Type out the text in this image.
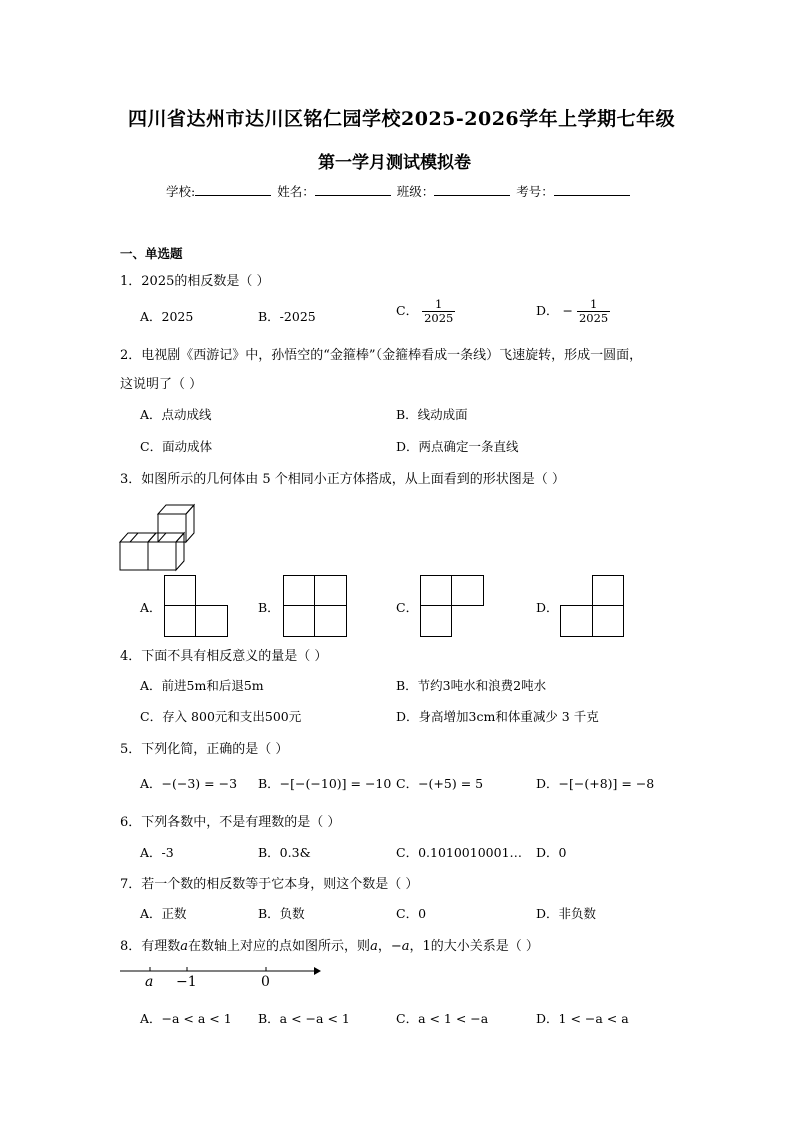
四川省达州市达川区铭仁园学校2025-2026学年上学期七年级
第一学月测试模拟卷
学校:	姓名：	班级：	考号：
一、单选题
1．2025的相反数是（ ）
A．2025	B．-2025	C． $\frac{1}{2025}$	D． − $\frac{1}{2025}$
2．电视剧《西游记》中，孙悟空的“金箍棒”（金箍棒看成一条线）飞速旋转，形成一圆面，
这说明了（ ）
A．点动成线	B．线动成面
C．面动成体	D．两点确定一条直线
3．如图所示的几何体由 5 个相同小正方体搭成，从上面看到的形状图是（ ）
A．	B．	C．	D．
4．下面不具有相反意义的量是（ ）
A．前进5m和后退5m	B．节约3吨水和浪费2吨水
C．存入 800元和支出500元	D．身高增加3cm和体重减少 3 千克
5．下列化简，正确的是（ ）
A．−(−3) = −3 B．−[−(−10)] = −10 C．−(+5) = 5	D．−[−(+8)] = −8
6．下列各数中，不是有理数的是（ ）
A．-3	B．0.3&	C．0.1010010001… D．0
7．若一个数的相反数等于它本身，则这个数是（ ）
A．正数	B．负数	C．0	D．非负数
8．有理数a在数轴上对应的点如图所示，则a，−a，1的大小关系是（ ）
a −1	0
A．−a < a < 1 B．a < −a < 1	C．a < 1 < −a	D．1 < −a < a
